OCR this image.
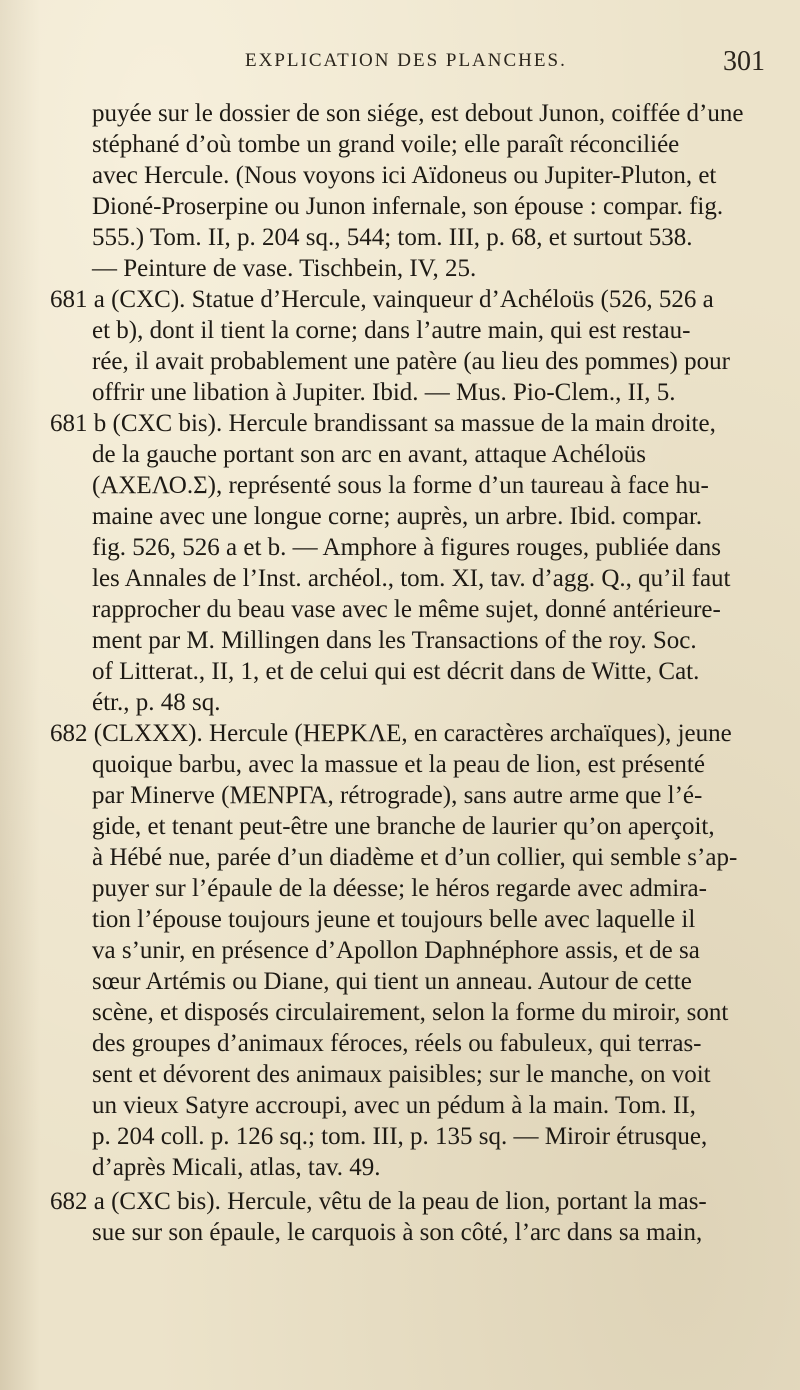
EXPLICATION DES PLANCHES.	301
puyée sur le dossier de son siége, est debout Junon, coiffée d’une
stéphané d’où tombe un grand voile; elle paraît réconciliée
avec Hercule. (Nous voyons ici Aïdoneus ou Jupiter-Pluton, et
Dioné-Proserpine ou Junon infernale, son épouse : compar. fig.
555.) Tom. II, p. 204 sq., 544; tom. III, p. 68, et surtout 538.
— Peinture de vase. Tischbein, IV, 25.
681 a (CXC). Statue d’Hercule, vainqueur d’Achéloüs (526, 526 a
et b), dont il tient la corne; dans l’autre main, qui est restau-
rée, il avait probablement une patère (au lieu des pommes) pour
offrir une libation à Jupiter. Ibid. — Mus. Pio-Clem., II, 5.
681 b (CXC bis). Hercule brandissant sa massue de la main droite,
de la gauche portant son arc en avant, attaque Achéloüs
(ΑΧΕΛΟ.Σ), représenté sous la forme d’un taureau à face hu-
maine avec une longue corne; auprès, un arbre. Ibid. compar.
fig. 526, 526 a et b. — Amphore à figures rouges, publiée dans
les Annales de l’Inst. archéol., tom. XI, tav. d’agg. Q., qu’il faut
rapprocher du beau vase avec le même sujet, donné antérieure-
ment par M. Millingen dans les Transactions of the roy. Soc.
of Litterat., II, 1, et de celui qui est décrit dans de Witte, Cat.
étr., p. 48 sq.
682 (CLXXX). Hercule (ΗΕΡΚΛΕ, en caractères archaïques), jeune
quoique barbu, avec la massue et la peau de lion, est présenté
par Minerve (ΜΕΝΡΓΑ, rétrograde), sans autre arme que l’é-
gide, et tenant peut-être une branche de laurier qu’on aperçoit,
à Hébé nue, parée d’un diadème et d’un collier, qui semble s’ap-
puyer sur l’épaule de la déesse; le héros regarde avec admira-
tion l’épouse toujours jeune et toujours belle avec laquelle il
va s’unir, en présence d’Apollon Daphnéphore assis, et de sa
sœur Artémis ou Diane, qui tient un anneau. Autour de cette
scène, et disposés circulairement, selon la forme du miroir, sont
des groupes d’animaux féroces, réels ou fabuleux, qui terras-
sent et dévorent des animaux paisibles; sur le manche, on voit
un vieux Satyre accroupi, avec un pédum à la main. Tom. II,
p. 204 coll. p. 126 sq.; tom. III, p. 135 sq. — Miroir étrusque,
d’après Micali, atlas, tav. 49.
682 a (CXC bis). Hercule, vêtu de la peau de lion, portant la mas-
sue sur son épaule, le carquois à son côté, l’arc dans sa main,
